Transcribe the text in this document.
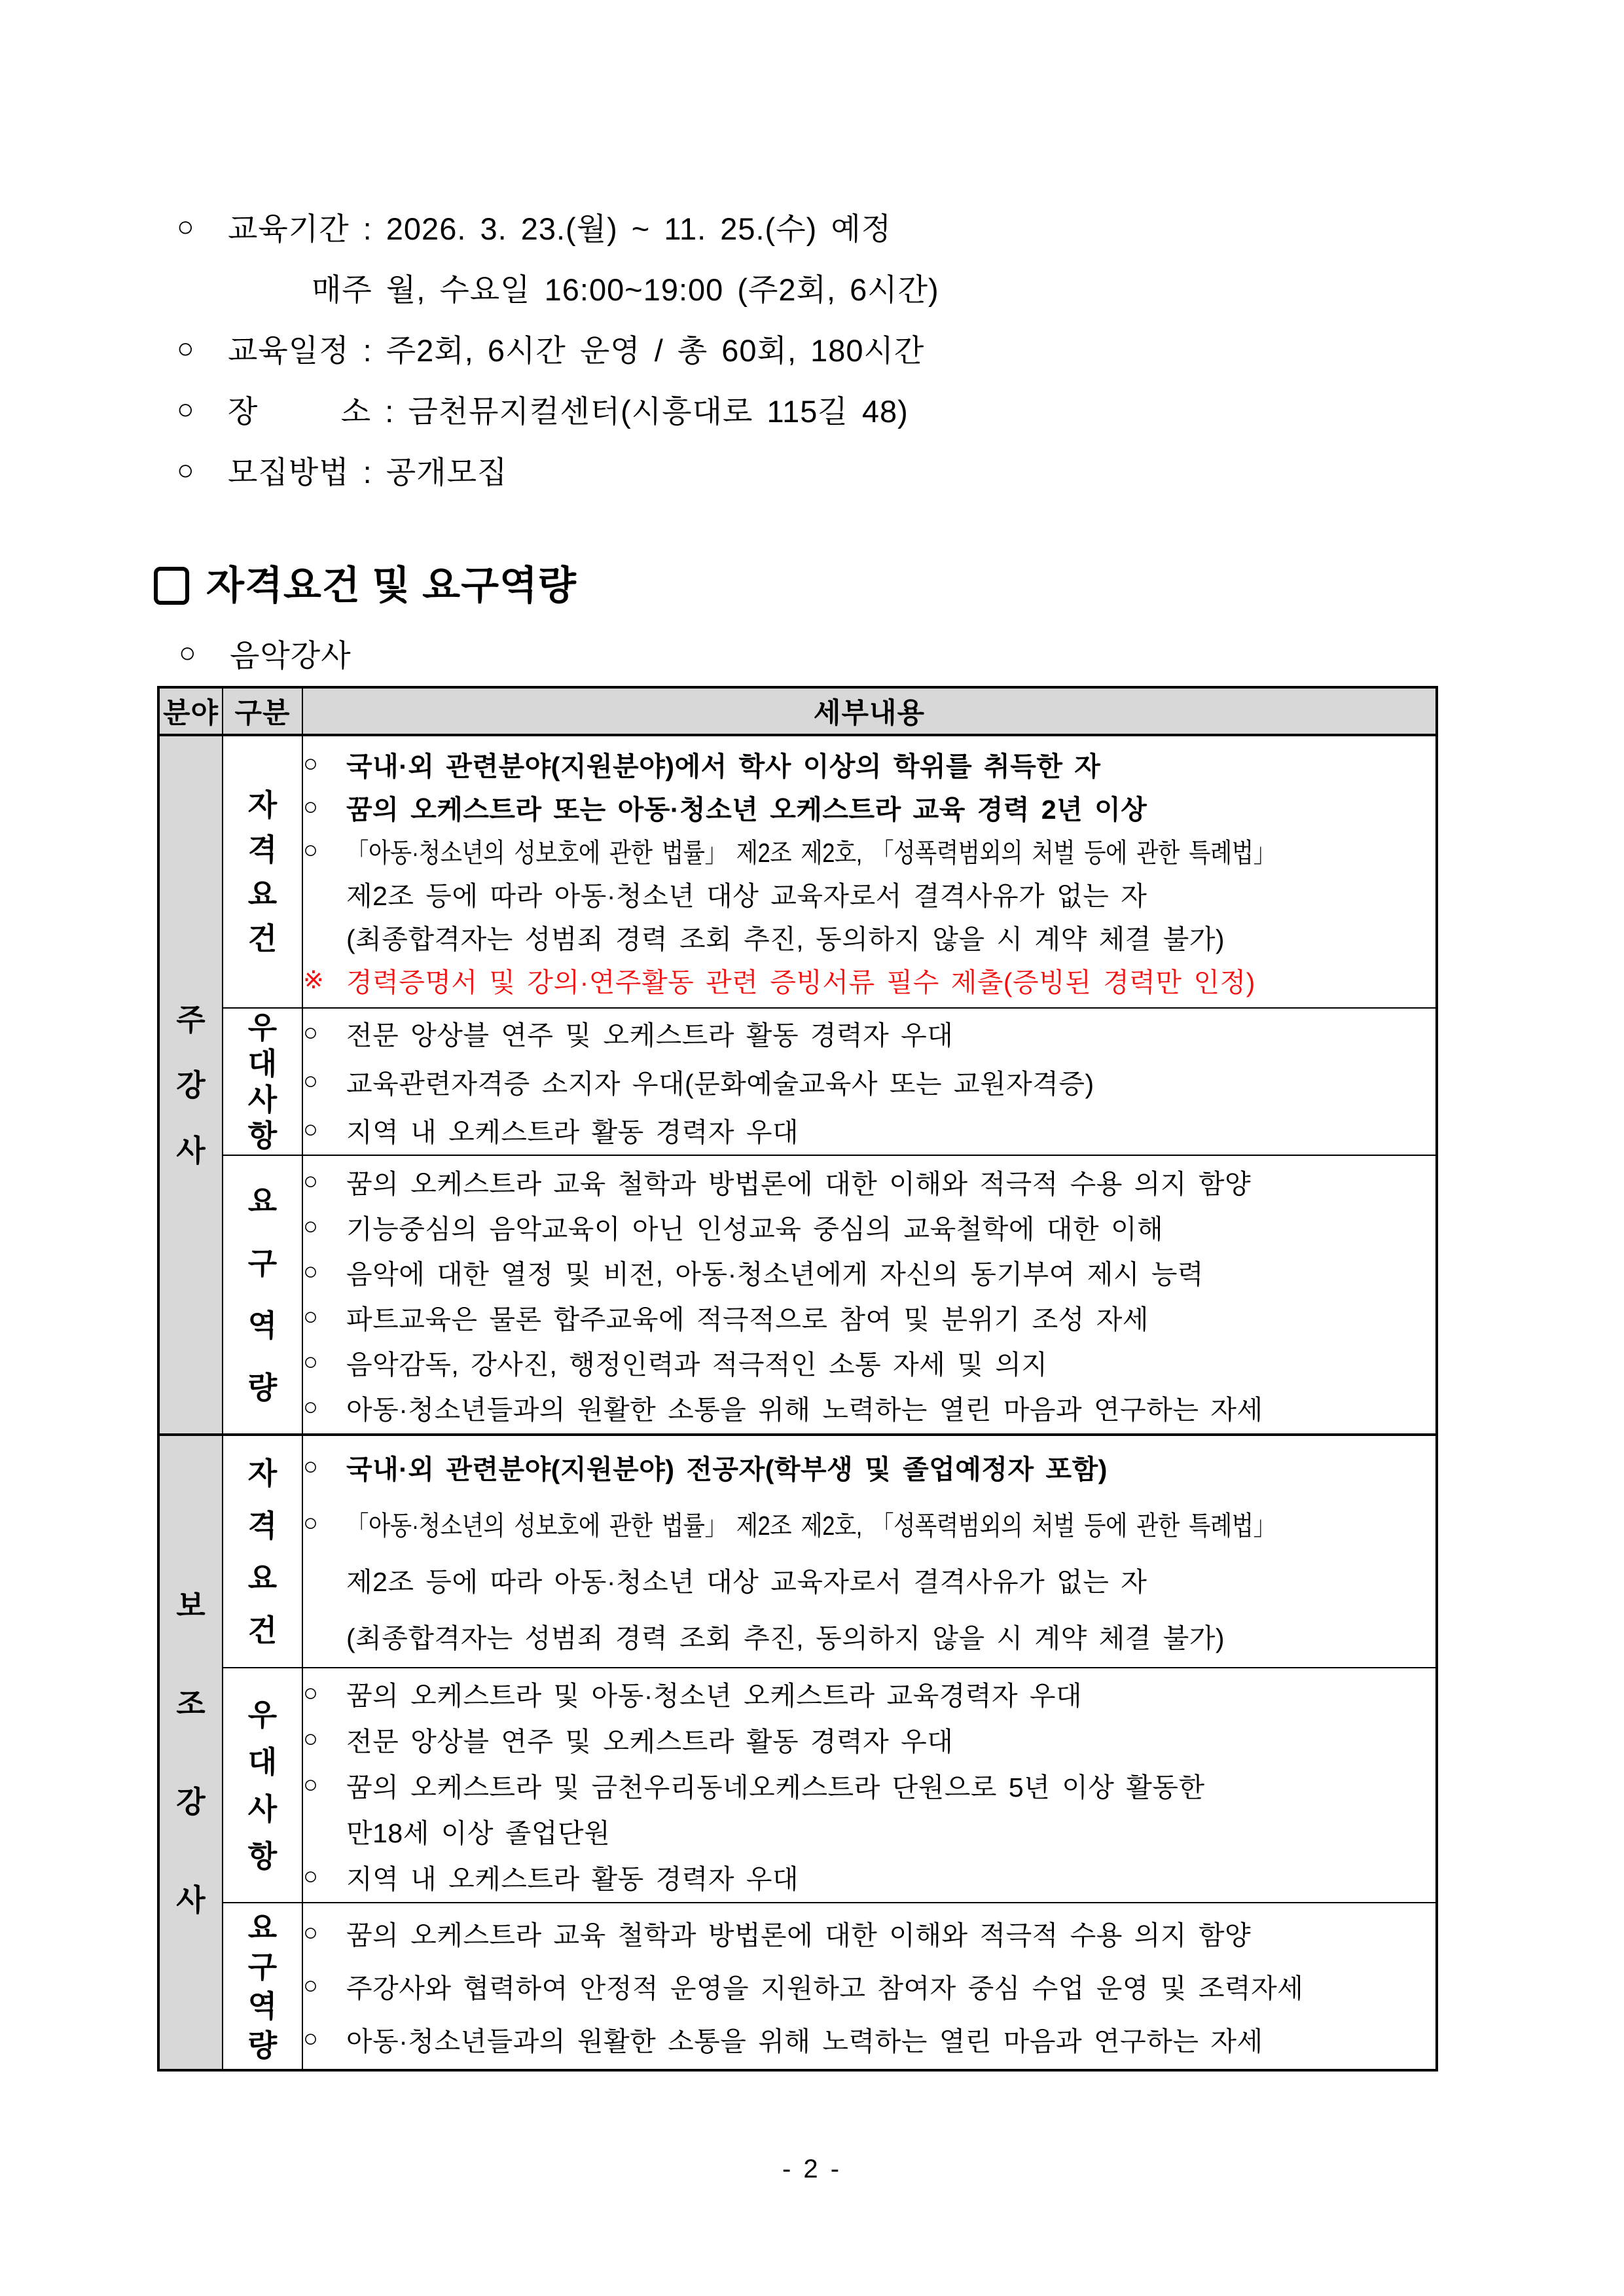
○	교육기간 : 2026. 3. 23.(월) ~ 11. 25.(수) 예정
매주 월, 수요일 16:00~19:00 (주2회, 6시간)
○	교육일정 : 주2회, 6시간 운영 / 총 60회, 180시간
○	장      소 : 금천뮤지컬센터(시흥대로 115길 48)
○	모집방법 : 공개모집
자격요건 및 요구역량
○	음악강사
분야	구분	세부내용
주강사	자격요건	
○	국내·외 관련분야(지원분야)에서 학사 이상의 학위를 취득한 자
○	꿈의 오케스트라 또는 아동·청소년 오케스트라 교육 경력 2년 이상
○	「아동·청소년의 성보호에 관한 법률」 제2조 제2호, 「성폭력범외의 처벌 등에 관한 특례법」
제2조 등에 따라 아동·청소년 대상 교육자로서 결격사유가 없는 자
(최종합격자는 성범죄 경력 조회 추진, 동의하지 않을 시 계약 체결 불가)
※ 경력증명서 및 강의·연주활동 관련 증빙서류 필수 제출(증빙된 경력만 인정)

우대사항	
○	전문 앙상블 연주 및 오케스트라 활동 경력자 우대
○	교육관련자격증 소지자 우대(문화예술교육사 또는 교원자격증)
○	지역 내 오케스트라 활동 경력자 우대

요구역량	
○	꿈의 오케스트라 교육 철학과 방법론에 대한 이해와 적극적 수용 의지 함양
○	기능중심의 음악교육이 아닌 인성교육 중심의 교육철학에 대한 이해
○	음악에 대한 열정 및 비전, 아동·청소년에게 자신의 동기부여 제시 능력
○	파트교육은 물론 합주교육에 적극적으로 참여 및 분위기 조성 자세
○	음악감독, 강사진, 행정인력과 적극적인 소통 자세 및 의지
○	아동·청소년들과의 원활한 소통을 위해 노력하는 열린 마음과 연구하는 자세

보조강사	자격요건	
○	국내·외 관련분야(지원분야) 전공자(학부생 및 졸업예정자 포함)
○	「아동·청소년의 성보호에 관한 법률」 제2조 제2호, 「성폭력범외의 처벌 등에 관한 특례법」
제2조 등에 따라 아동·청소년 대상 교육자로서 결격사유가 없는 자
(최종합격자는 성범죄 경력 조회 추진, 동의하지 않을 시 계약 체결 불가)

우대사항	
○	꿈의 오케스트라 및 아동·청소년 오케스트라 교육경력자 우대
○	전문 앙상블 연주 및 오케스트라 활동 경력자 우대
○	꿈의 오케스트라 및 금천우리동네오케스트라 단원으로 5년 이상 활동한
만18세 이상 졸업단원
○	지역 내 오케스트라 활동 경력자 우대

요구역량	
○	꿈의 오케스트라 교육 철학과 방법론에 대한 이해와 적극적 수용 의지 함양
○	주강사와 협력하여 안정적 운영을 지원하고 참여자 중심 수업 운영 및 조력자세
○	아동·청소년들과의 원활한 소통을 위해 노력하는 열린 마음과 연구하는 자세
- 2 -
